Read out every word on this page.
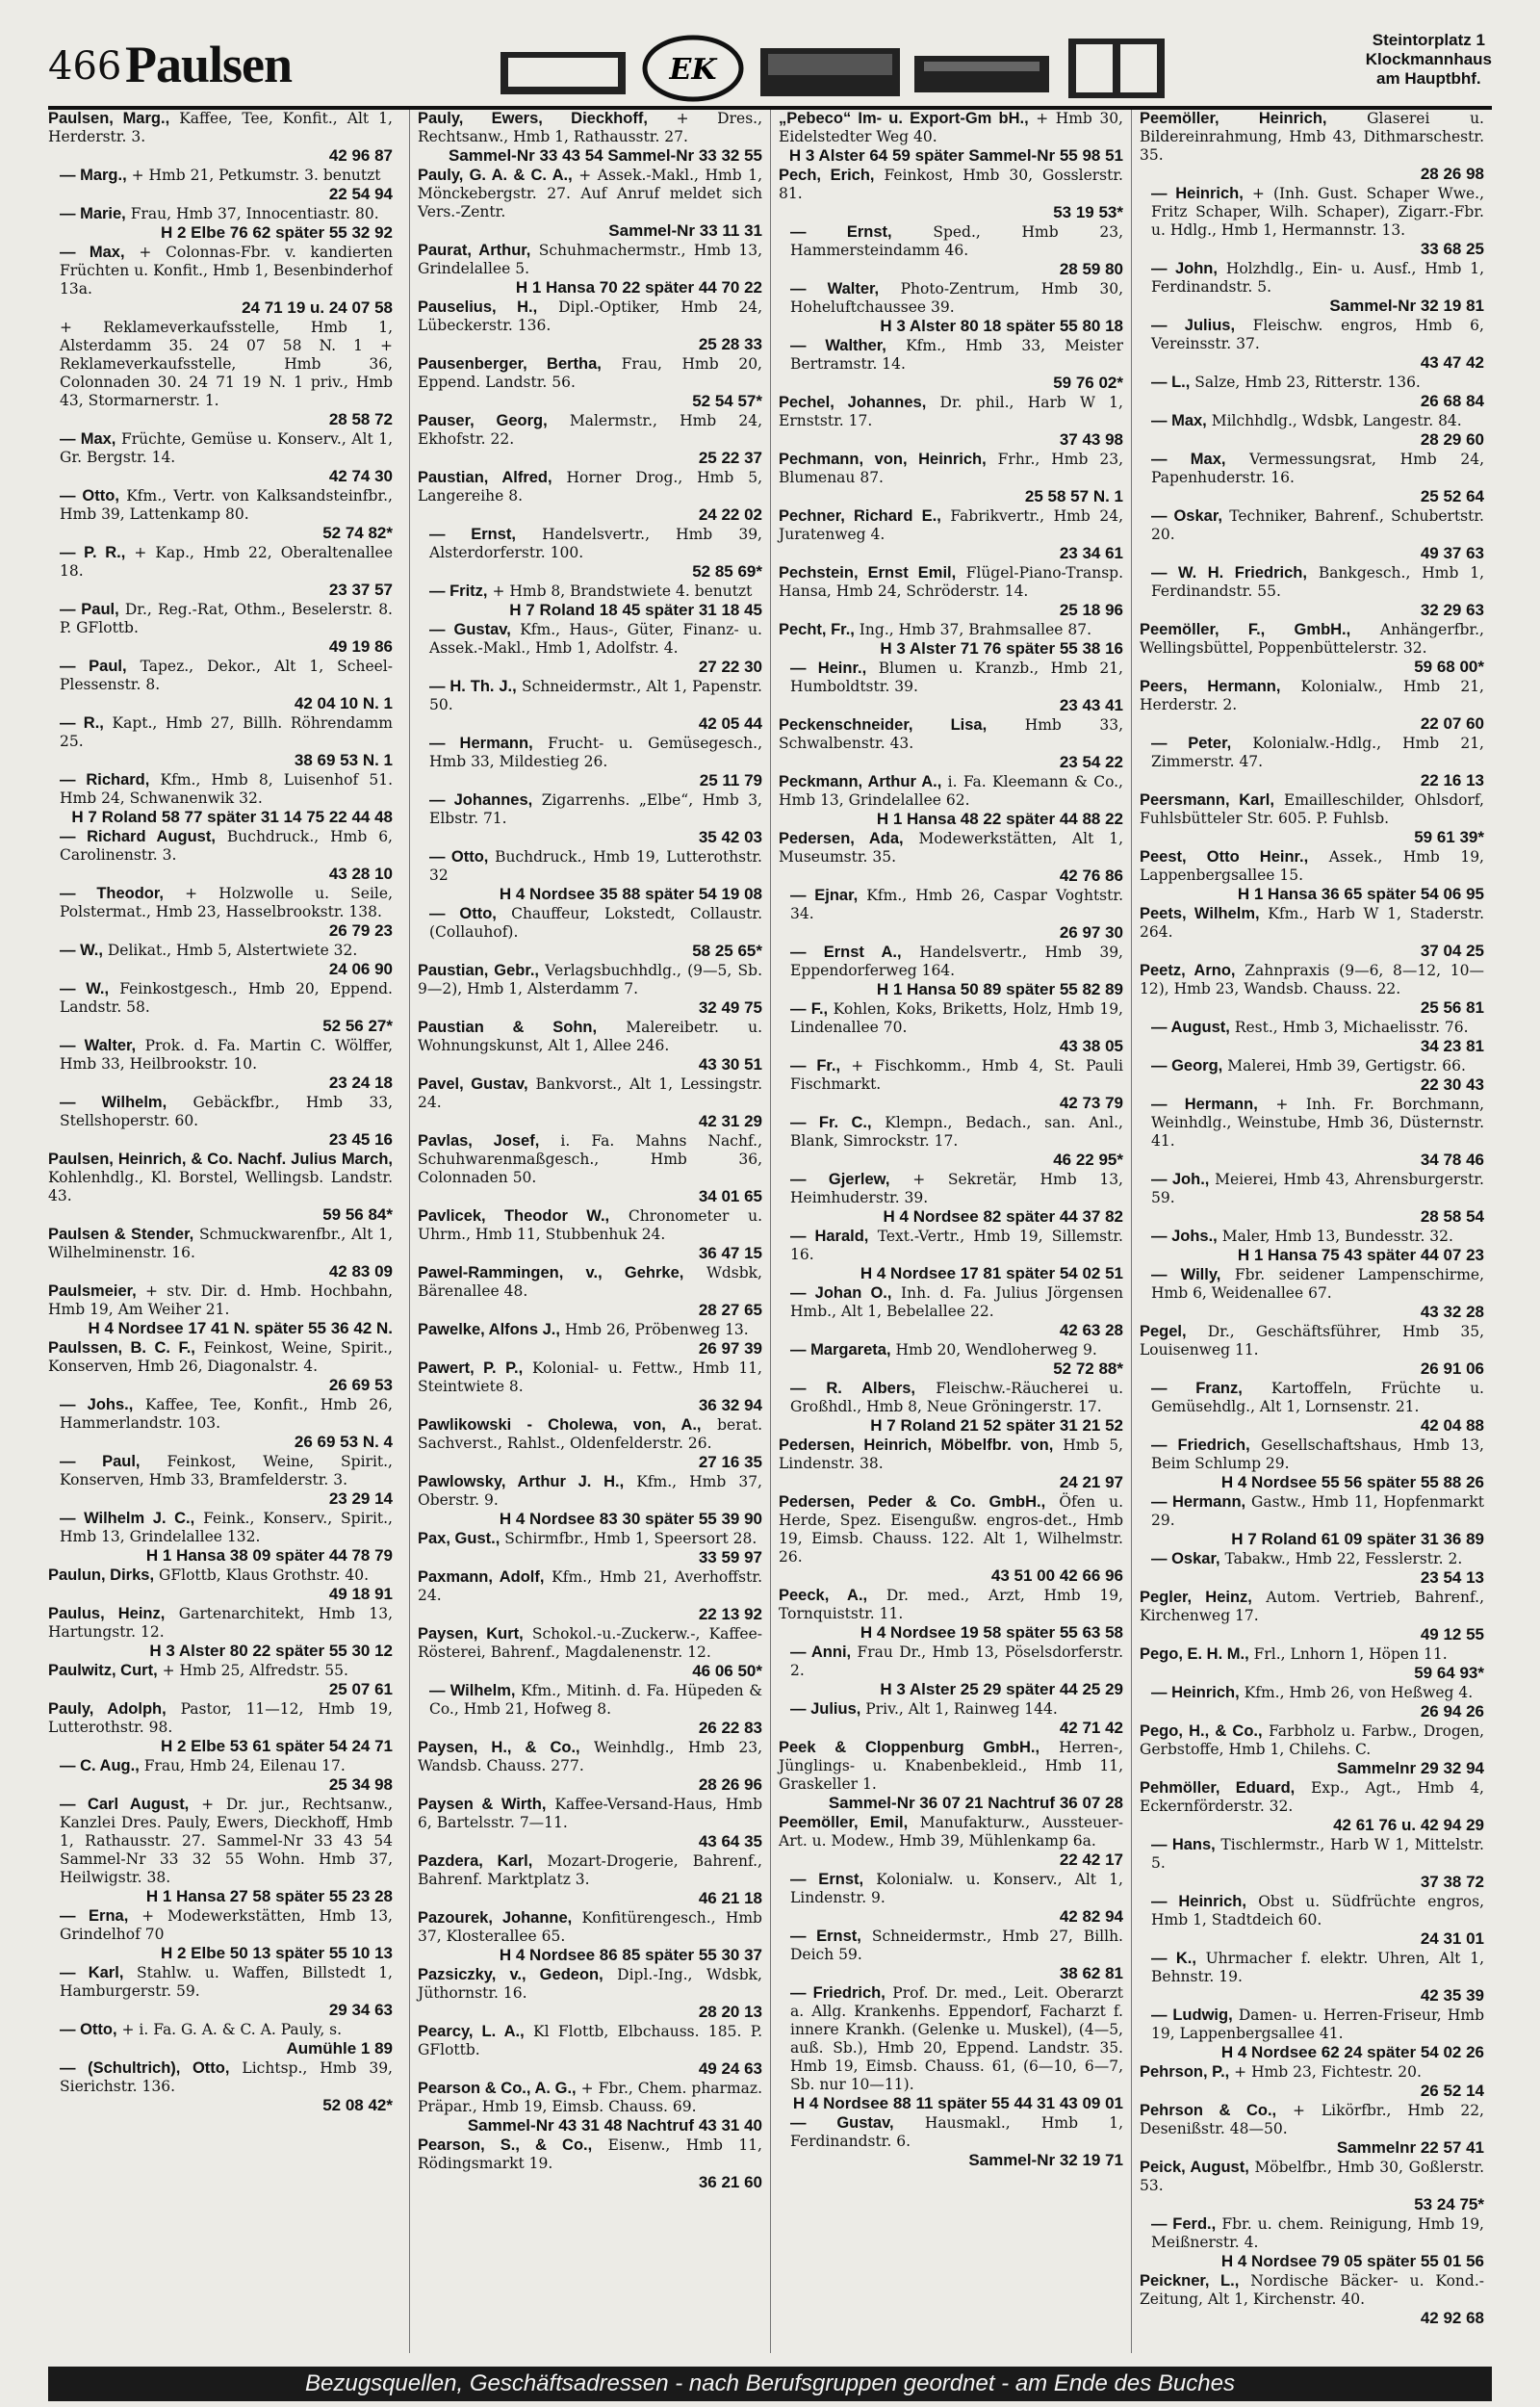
466 Paulsen	EK
Steintorplatz 1
Klockmannhaus
am Hauptbhf.
Paulsen, Marg., Kaffee, Tee, Konfit., Alt 1, Herderstr. 3.
42 96 87
— Marg., + Hmb 21, Petkumstr. 3. benutzt
22 54 94
— Marie, Frau, Hmb 37, Innocentiastr. 80.
H 2 Elbe 76 62 später 55 32 92
— Max, + Colonnas-Fbr. v. kandierten Früchten u. Konfit., Hmb 1, Besenbinderhof 13a.
24 71 19 u. 24 07 58
+ Reklameverkaufsstelle, Hmb 1, Alsterdamm 35. 24 07 58 N. 1 + Reklameverkaufsstelle, Hmb 36, Colonnaden 30. 24 71 19 N. 1 priv., Hmb 43, Stormarnerstr. 1.
28 58 72
— Max, Früchte, Gemüse u. Konserv., Alt 1, Gr. Bergstr. 14.
42 74 30
— Otto, Kfm., Vertr. von Kalksandsteinfbr., Hmb 39, Lattenkamp 80.
52 74 82*
— P. R., + Kap., Hmb 22, Oberaltenallee 18.
23 37 57
— Paul, Dr., Reg.-Rat, Othm., Beselerstr. 8. P. GFlottb.
49 19 86
— Paul, Tapez., Dekor., Alt 1, Scheel-Plessenstr. 8.
42 04 10 N. 1
— R., Kapt., Hmb 27, Billh. Röhrendamm 25.
38 69 53 N. 1
— Richard, Kfm., Hmb 8, Luisenhof 51. Hmb 24, Schwanenwik 32.
H 7 Roland 58 77 später 31 14 75 22 44 48
— Richard August, Buchdruck., Hmb 6, Carolinenstr. 3.
43 28 10
— Theodor, + Holzwolle u. Seile, Polstermat., Hmb 23, Hasselbrookstr. 138.
26 79 23
— W., Delikat., Hmb 5, Alstertwiete 32.
24 06 90
— W., Feinkostgesch., Hmb 20, Eppend. Landstr. 58.
52 56 27*
— Walter, Prok. d. Fa. Martin C. Wölffer, Hmb 33, Heilbrookstr. 10.
23 24 18
— Wilhelm, Gebäckfbr., Hmb 33, Stellshoperstr. 60.
23 45 16
Paulsen, Heinrich, & Co. Nachf. Julius March, Kohlenhdlg., Kl. Borstel, Wellingsb. Landstr. 43.
59 56 84*
Paulsen & Stender, Schmuckwarenfbr., Alt 1, Wilhelminenstr. 16.
42 83 09
Paulsmeier, + stv. Dir. d. Hmb. Hochbahn, Hmb 19, Am Weiher 21.
H 4 Nordsee 17 41 N. später 55 36 42 N.
Paulssen, B. C. F., Feinkost, Weine, Spirit., Konserven, Hmb 26, Diagonalstr. 4.
26 69 53
— Johs., Kaffee, Tee, Konfit., Hmb 26, Hammerlandstr. 103.
26 69 53 N. 4
— Paul, Feinkost, Weine, Spirit., Konserven, Hmb 33, Bramfelderstr. 3.
23 29 14
— Wilhelm J. C., Feink., Konserv., Spirit., Hmb 13, Grindelallee 132.
H 1 Hansa 38 09 später 44 78 79
Paulun, Dirks, GFlottb, Klaus Grothstr. 40.
49 18 91
Paulus, Heinz, Gartenarchitekt, Hmb 13, Hartungstr. 12.
H 3 Alster 80 22 später 55 30 12
Paulwitz, Curt, + Hmb 25, Alfredstr. 55.
25 07 61
Pauly, Adolph, Pastor, 11—12, Hmb 19, Lutterothstr. 98.
H 2 Elbe 53 61 später 54 24 71
— C. Aug., Frau, Hmb 24, Eilenau 17.
25 34 98
— Carl August, + Dr. jur., Rechtsanw., Kanzlei Dres. Pauly, Ewers, Dieckhoff, Hmb 1, Rathausstr. 27. Sammel-Nr 33 43 54 Sammel-Nr 33 32 55 Wohn. Hmb 37, Heilwigstr. 38.
H 1 Hansa 27 58 später 55 23 28
— Erna, + Modewerkstätten, Hmb 13, Grindelhof 70
H 2 Elbe 50 13 später 55 10 13
— Karl, Stahlw. u. Waffen, Billstedt 1, Hamburgerstr. 59.
29 34 63
— Otto, + i. Fa. G. A. & C. A. Pauly, s.
Aumühle 1 89
— (Schultrich), Otto, Lichtsp., Hmb 39, Sierichstr. 136.
52 08 42*
Pauly, Ewers, Dieckhoff, + Dres., Rechtsanw., Hmb 1, Rathausstr. 27.
Sammel-Nr 33 43 54 Sammel-Nr 33 32 55
Pauly, G. A. & C. A., + Assek.-Makl., Hmb 1, Mönckebergstr. 27. Auf Anruf meldet sich Vers.-Zentr.
Sammel-Nr 33 11 31
Paurat, Arthur, Schuhmachermstr., Hmb 13, Grindelallee 5.
H 1 Hansa 70 22 später 44 70 22
Pauselius, H., Dipl.-Optiker, Hmb 24, Lübeckerstr. 136.
25 28 33
Pausenberger, Bertha, Frau, Hmb 20, Eppend. Landstr. 56.
52 54 57*
Pauser, Georg, Malermstr., Hmb 24, Ekhofstr. 22.
25 22 37
Paustian, Alfred, Horner Drog., Hmb 5, Langereihe 8.
24 22 02
— Ernst, Handelsvertr., Hmb 39, Alsterdorferstr. 100.
52 85 69*
— Fritz, + Hmb 8, Brandstwiete 4. benutzt
H 7 Roland 18 45 später 31 18 45
— Gustav, Kfm., Haus-, Güter, Finanz- u. Assek.-Makl., Hmb 1, Adolfstr. 4.
27 22 30
— H. Th. J., Schneidermstr., Alt 1, Papenstr. 50.
42 05 44
— Hermann, Frucht- u. Gemüsegesch., Hmb 33, Mildestieg 26.
25 11 79
— Johannes, Zigarrenhs. „Elbe“, Hmb 3, Elbstr. 71.
35 42 03
— Otto, Buchdruck., Hmb 19, Lutterothstr. 32
H 4 Nordsee 35 88 später 54 19 08
— Otto, Chauffeur, Lokstedt, Collaustr. (Collauhof).
58 25 65*
Paustian, Gebr., Verlagsbuchhdlg., (9—5, Sb. 9—2), Hmb 1, Alsterdamm 7.
32 49 75
Paustian & Sohn, Malereibetr. u. Wohnungskunst, Alt 1, Allee 246.
43 30 51
Pavel, Gustav, Bankvorst., Alt 1, Lessingstr. 24.
42 31 29
Pavlas, Josef, i. Fa. Mahns Nachf., Schuhwarenmaßgesch., Hmb 36, Colonnaden 50.
34 01 65
Pavlicek, Theodor W., Chronometer u. Uhrm., Hmb 11, Stubbenhuk 24.
36 47 15
Pawel-Rammingen, v., Gehrke, Wdsbk, Bärenallee 48.
28 27 65
Pawelke, Alfons J., Hmb 26, Pröbenweg 13.
26 97 39
Pawert, P. P., Kolonial- u. Fettw., Hmb 11, Steintwiete 8.
36 32 94
Pawlikowski - Cholewa, von, A., berat. Sachverst., Rahlst., Oldenfelderstr. 26.
27 16 35
Pawlowsky, Arthur J. H., Kfm., Hmb 37, Oberstr. 9.
H 4 Nordsee 83 30 später 55 39 90
Pax, Gust., Schirmfbr., Hmb 1, Speersort 28.
33 59 97
Paxmann, Adolf, Kfm., Hmb 21, Averhoffstr. 24.
22 13 92
Paysen, Kurt, Schokol.-u.-Zuckerw.-, Kaffee-Rösterei, Bahrenf., Magdalenenstr. 12.
46 06 50*
— Wilhelm, Kfm., Mitinh. d. Fa. Hüpeden & Co., Hmb 21, Hofweg 8.
26 22 83
Paysen, H., & Co., Weinhdlg., Hmb 23, Wandsb. Chauss. 277.
28 26 96
Paysen & Wirth, Kaffee-Versand-Haus, Hmb 6, Bartelsstr. 7—11.
43 64 35
Pazdera, Karl, Mozart-Drogerie, Bahrenf., Bahrenf. Marktplatz 3.
46 21 18
Pazourek, Johanne, Konfitürengesch., Hmb 37, Klosterallee 65.
H 4 Nordsee 86 85 später 55 30 37
Pazsiczky, v., Gedeon, Dipl.-Ing., Wdsbk, Jüthornstr. 16.
28 20 13
Pearcy, L. A., Kl Flottb, Elbchauss. 185. P. GFlottb.
49 24 63
Pearson & Co., A. G., + Fbr., Chem. pharmaz. Präpar., Hmb 19, Eimsb. Chauss. 69.
Sammel-Nr 43 31 48 Nachtruf 43 31 40
Pearson, S., & Co., Eisenw., Hmb 11, Rödingsmarkt 19.
36 21 60
„Pebeco“ Im- u. Export-Gm bH., + Hmb 30, Eidelstedter Weg 40.
H 3 Alster 64 59 später Sammel-Nr 55 98 51
Pech, Erich, Feinkost, Hmb 30, Gosslerstr. 81.
53 19 53*
— Ernst,	Sped., Hmb 23, Hammersteindamm 46.
28 59 80
— Walter, Photo-Zentrum, Hmb 30, Hoheluftchaussee 39.
H 3 Alster 80 18 später 55 80 18
— Walther, Kfm., Hmb 33, Meister Bertramstr. 14.
59 76 02*
Pechel, Johannes, Dr. phil., Harb W 1, Ernststr. 17.
37 43 98
Pechmann, von, Heinrich, Frhr., Hmb 23, Blumenau 87.
25 58 57 N. 1
Pechner, Richard E., Fabrikvertr., Hmb 24, Juratenweg 4.
23 34 61
Pechstein, Ernst Emil, Flügel-Piano-Transp. Hansa, Hmb 24, Schröderstr. 14.
25 18 96
Pecht, Fr., Ing., Hmb 37, Brahmsallee 87.
H 3 Alster 71 76 später 55 38 16
— Heinr., Blumen u. Kranzb., Hmb 21, Humboldtstr. 39.
23 43 41
Peckenschneider, Lisa,	Hmb 33, Schwalbenstr. 43.
23 54 22
Peckmann, Arthur A., i. Fa. Kleemann & Co., Hmb 13, Grindelallee 62.
H 1 Hansa 48 22 später 44 88 22
Pedersen, Ada, Modewerkstätten, Alt 1, Museumstr. 35.
42 76 86
— Ejnar, Kfm., Hmb 26, Caspar Voghtstr. 34.
26 97 30
— Ernst A., Handelsvertr., Hmb 39, Eppendorferweg 164.
H 1 Hansa 50 89 später 55 82 89
— F., Kohlen, Koks, Briketts, Holz, Hmb 19, Lindenallee 70.
43 38 05
— Fr., + Fischkomm., Hmb 4, St. Pauli Fischmarkt.
42 73 79
— Fr. C., Klempn., Bedach., san. Anl., Blank, Simrockstr. 17.
46 22 95*
— Gjerlew, + Sekretär, Hmb 13, Heimhuderstr. 39.
H 4 Nordsee 82 später 44 37 82
— Harald, Text.-Vertr., Hmb 19, Sillemstr. 16.
H 4 Nordsee 17 81 später 54 02 51
— Johan O., Inh. d. Fa. Julius Jörgensen Hmb., Alt 1, Bebelallee 22.
42 63 28
— Margareta, Hmb 20, Wendloherweg 9.
52 72 88*
— R. Albers, Fleischw.-Räucherei u. Großhdl., Hmb 8, Neue Gröningerstr. 17.
H 7 Roland 21 52 später 31 21 52
Pedersen, Heinrich, Möbelfbr. von, Hmb 5, Lindenstr. 38.
24 21 97
Pedersen, Peder & Co. GmbH., Öfen u. Herde, Spez. Eisengußw. engros-det., Hmb 19, Eimsb. Chauss. 122. Alt 1, Wilhelmstr. 26.
43 51 00 42 66 96
Peeck, A., Dr. med., Arzt, Hmb 19, Tornquiststr. 11.
H 4 Nordsee 19 58 später 55 63 58
— Anni, Frau Dr., Hmb 13, Pöselsdorferstr. 2.
H 3 Alster 25 29 später 44 25 29
— Julius, Priv., Alt 1, Rainweg 144.
42 71 42
Peek & Cloppenburg GmbH., Herren-, Jünglings- u. Knabenbekleid., Hmb 11, Graskeller 1.
Sammel-Nr 36 07 21 Nachtruf 36 07 28
Peemöller, Emil, Manufakturw., Aussteuer-Art. u. Modew., Hmb 39, Mühlenkamp 6a.
22 42 17
— Ernst, Kolonialw. u. Konserv., Alt 1, Lindenstr. 9.
42 82 94
— Ernst, Schneidermstr., Hmb 27, Billh. Deich 59.
38 62 81
— Friedrich, Prof. Dr. med., Leit. Oberarzt a. Allg. Krankenhs. Eppendorf, Facharzt f. innere Krankh. (Gelenke u. Muskel), (4—5, auß. Sb.), Hmb 20, Eppend. Landstr. 35. Hmb 19, Eimsb. Chauss. 61, (6—10, 6—7, Sb. nur 10—11).
H 4 Nordsee 88 11 später 55 44 31 43 09 01
— Gustav, Hausmakl., Hmb 1, Ferdinandstr. 6.
Sammel-Nr 32 19 71
Peemöller, Heinrich,	Glaserei u. Bildereinrahmung, Hmb 43, Dithmarschestr. 35.
28 26 98
— Heinrich, + (Inh. Gust. Schaper Wwe., Fritz Schaper, Wilh. Schaper), Zigarr.-Fbr. u. Hdlg., Hmb 1, Hermannstr. 13.
33 68 25
— John, Holzhdlg., Ein- u. Ausf., Hmb 1, Ferdinandstr. 5.
Sammel-Nr 32 19 81
— Julius, Fleischw. engros, Hmb 6, Vereinsstr. 37.
43 47 42
— L., Salze, Hmb 23, Ritterstr. 136.
26 68 84
— Max, Milchhdlg., Wdsbk, Langestr. 84.
28 29 60
— Max, Vermessungsrat, Hmb 24, Papenhuderstr. 16.
25 52 64
— Oskar, Techniker, Bahrenf., Schubertstr. 20.
49 37 63
— W. H. Friedrich, Bankgesch., Hmb 1, Ferdinandstr. 55.
32 29 63
Peemöller, F., GmbH., Anhängerfbr., Wellingsbüttel, Poppenbüttelerstr. 32.
59 68 00*
Peers, Hermann, Kolonialw., Hmb 21, Herderstr. 2.
22 07 60
— Peter, Kolonialw.-Hdlg., Hmb 21, Zimmerstr. 47.
22 16 13
Peersmann, Karl, Emailleschilder, Ohlsdorf, Fuhlsbütteler Str. 605. P. Fuhlsb.
59 61 39*
Peest, Otto Heinr., Assek., Hmb 19, Lappenbergsallee 15.
H 1 Hansa 36 65 später 54 06 95
Peets, Wilhelm, Kfm., Harb W 1, Staderstr. 264.
37 04 25
Peetz, Arno, Zahnpraxis (9—6, 8—12, 10—12), Hmb 23, Wandsb. Chauss. 22.
25 56 81
— August, Rest., Hmb 3, Michaelisstr. 76.
34 23 81
— Georg, Malerei, Hmb 39, Gertigstr. 66.
22 30 43
— Hermann, + Inh. Fr. Borchmann, Weinhdlg., Weinstube, Hmb 36, Düsternstr. 41.
34 78 46
— Joh., Meierei, Hmb 43, Ahrensburgerstr. 59.
28 58 54
— Johs., Maler, Hmb 13, Bundesstr. 32.
H 1 Hansa 75 43 später 44 07 23
— Willy, Fbr. seidener Lampenschirme, Hmb 6, Weidenallee 67.
43 32 28
Pegel, Dr., Geschäftsführer, Hmb 35, Louisenweg 11.
26 91 06
— Franz, Kartoffeln, Früchte u. Gemüsehdlg., Alt 1, Lornsenstr. 21.
42 04 88
— Friedrich, Gesellschaftshaus, Hmb 13, Beim Schlump 29.
H 4 Nordsee 55 56 später 55 88 26
— Hermann, Gastw., Hmb 11, Hopfenmarkt 29.
H 7 Roland 61 09 später 31 36 89
— Oskar, Tabakw., Hmb 22, Fesslerstr. 2.
23 54 13
Pegler, Heinz, Autom. Vertrieb, Bahrenf., Kirchenweg 17.
49 12 55
Pego, E. H. M., Frl., Lnhorn 1, Höpen 11.
59 64 93*
— Heinrich, Kfm., Hmb 26, von Heßweg 4.
26 94 26
Pego, H., & Co., Farbholz u. Farbw., Drogen, Gerbstoffe, Hmb 1, Chilehs. C.
Sammelnr 29 32 94
Pehmöller, Eduard, Exp., Agt., Hmb 4, Eckernförderstr. 32.
42 61 76 u. 42 94 29
— Hans, Tischlermstr., Harb W 1, Mittelstr. 5.
37 38 72
— Heinrich, Obst u. Südfrüchte engros, Hmb 1, Stadtdeich 60.
24 31 01
— K., Uhrmacher f. elektr. Uhren, Alt 1, Behnstr. 19.
42 35 39
— Ludwig, Damen- u. Herren-Friseur, Hmb 19, Lappenbergsallee 41.
H 4 Nordsee 62 24 später 54 02 26
Pehrson, P., + Hmb 23, Fichtestr. 20.
26 52 14
Pehrson & Co., + Likörfbr., Hmb 22, Desenißstr. 48—50.
Sammelnr 22 57 41
Peick, August, Möbelfbr., Hmb 30, Goßlerstr. 53.
53 24 75*
— Ferd., Fbr. u. chem. Reinigung, Hmb 19, Meißnerstr. 4.
H 4 Nordsee 79 05 später 55 01 56
Peickner, L., Nordische Bäcker- u. Kond.-Zeitung, Alt 1, Kirchenstr. 40.
42 92 68
Bezugsquellen, Geschäftsadressen - nach Berufsgruppen geordnet - am Ende des Buches
